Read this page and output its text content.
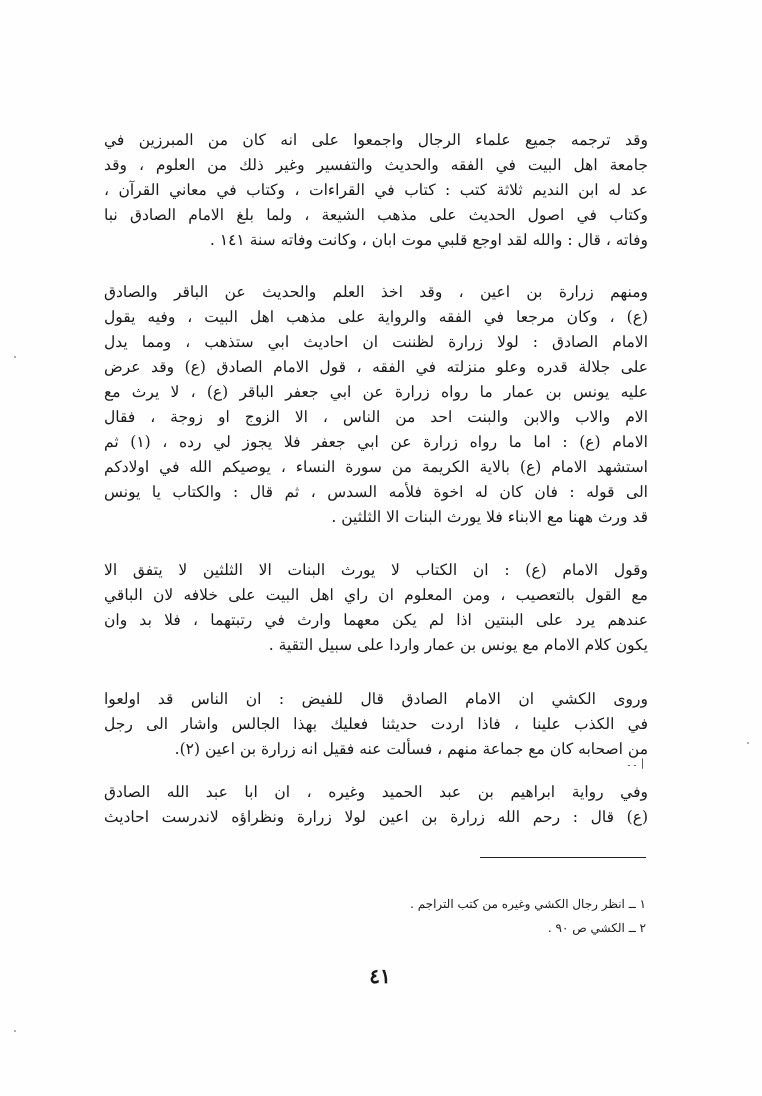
وقد ترجمه جميع علماء الرجال واجمعوا على انه كان من المبرزين في
جامعة اهل البيت في الفقه والحديث والتفسير وغير ذلك من العلوم ، وقد
عد له ابن النديم ثلاثة كتب : كتاب في القراءات ، وكتاب في معاني القرآن ،
وكتاب في اصول الحديث على مذهب الشيعة ، ولما بلغ الامام الصادق نبا
وفاته ، قال : والله لقد اوجع قلبي موت ابان ، وكانت وفاته سنة ١٤١ .
ومنهم زرارة بن اعين ، وقد اخذ العلم والحديث عن الباقر والصادق
(ع) ، وكان مرجعا في الفقه والرواية على مذهب اهل البيت ، وفيه يقول
الامام الصادق : لولا زرارة لظننت ان احاديث ابي ستذهب ، ومما يدل
على جلالة قدره وعلو منزلته في الفقه ، قول الامام الصادق (ع) وقد عرض
عليه يونس بن عمار ما رواه زرارة عن ابي جعفر الباقر (ع) ، لا يرث مع
الام والاب والابن والبنت احد من الناس ، الا الزوج او زوجة ، فقال
الامام (ع) : اما ما رواه زرارة عن ابي جعفر فلا يجوز لي رده ، (١) ثم
استشهد الامام (ع) بالاية الكريمة من سورة النساء ، يوصيكم الله في اولادكم
الى قوله : فان كان له اخوة فلأمه السدس ، ثم قال : والكتاب يا يونس
قد ورث ههنا مع الابناء فلا يورث البنات الا الثلثين .
وقول الامام (ع) : ان الكتاب لا يورث البنات الا الثلثين لا يتفق الا
مع القول بالتعصيب ، ومن المعلوم ان راي اهل البيت على خلافه لان الباقي
عندهم يرد على البنتين اذا لم يكن معهما وارث في رتبتهما ، فلا بد وان
يكون كلام الامام مع يونس بن عمار واردا على سبيل التقية .
وروى الكشي ان الامام الصادق قال للفيض : ان الناس قد اولعوا
في الكذب علينا ، فاذا اردت حديثنا فعليك بهذا الجالس واشار الى رجل
من اصحابه كان مع جماعة منهم ، فسألت عنه فقيل انه زرارة بن اعين (٢).
۔۔ |
وفي رواية ابراهيم بن عبد الحميد وغيره ، ان ابا عبد الله الصادق
(ع) قال : رحم الله زرارة بن اعين لولا زرارة ونظراؤه لاندرست احاديث
١ ــ انظر رجال الكشي وغيره من كتب التراجم .
٢ ــ الكشي ص ٩٠ .
٤١
